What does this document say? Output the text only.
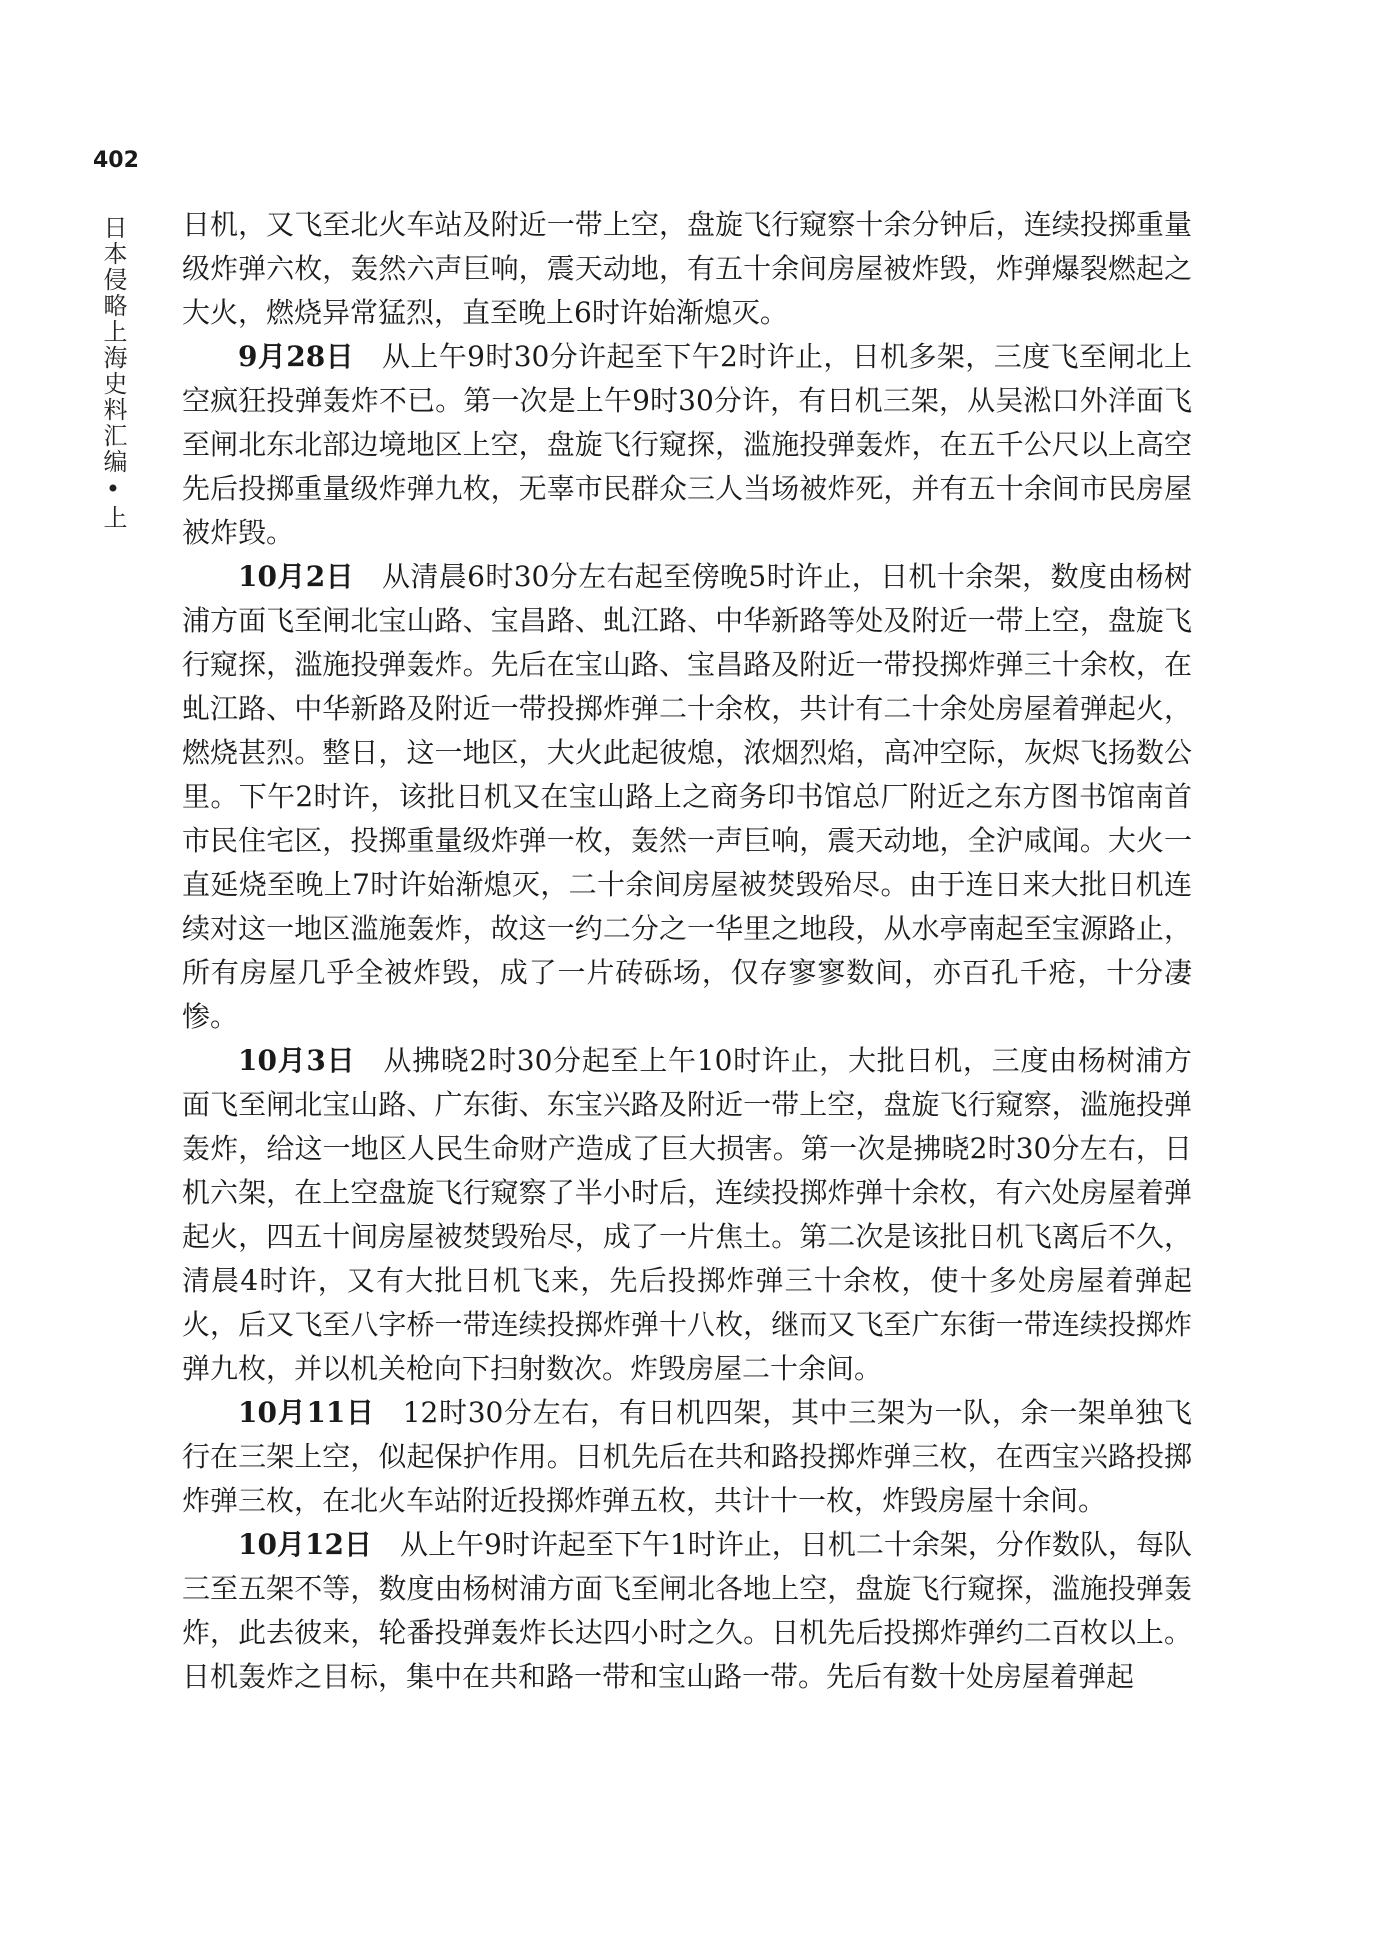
402
日本侵略上海史料汇编•上 日机，又飞至北火车站及附近一带上空，盘旋飞行窥察十余分钟后，连续投掷重量级炸弹六枚，轰然六声巨响，震天动地，有五十余间房屋被炸毁，炸弹爆裂燃起之大火，燃烧异常猛烈，直至晚上6时许始渐熄灭。

9月28日 从上午9时30分许起至下午2时许止，日机多架，三度飞至闸北上空疯狂投弹轰炸不已。第一次是上午9时30分许，有日机三架，从吴淞口外洋面飞至闸北东北部边境地区上空，盘旋飞行窥探，滥施投弹轰炸，在五千公尺以上高空先后投掷重量级炸弹九枚，无辜市民群众三人当场被炸死，并有五十余间市民房屋被炸毁。

10月2日 从清晨6时30分左右起至傍晚5时许止，日机十余架，数度由杨树浦方面飞至闸北宝山路、宝昌路、虬江路、中华新路等处及附近一带上空，盘旋飞行窥探，滥施投弹轰炸。先后在宝山路、宝昌路及附近一带投掷炸弹三十余枚，在虬江路、中华新路及附近一带投掷炸弹二十余枚，共计有二十余处房屋着弹起火，燃烧甚烈。整日，这一地区，大火此起彼熄，浓烟烈焰，高冲空际，灰烬飞扬数公里。下午2时许，该批日机又在宝山路上之商务印书馆总厂附近之东方图书馆南首市民住宅区，投掷重量级炸弹一枚，轰然一声巨响，震天动地，全沪咸闻。大火一直延烧至晚上7时许始渐熄灭，二十余间房屋被焚毁殆尽。由于连日来大批日机连续对这一地区滥施轰炸，故这一约二分之一华里之地段，从水亭南起至宝源路止，所有房屋几乎全被炸毁，成了一片砖砾场，仅存寥寥数间，亦百孔千疮，十分凄惨。

10月3日 从拂晓2时30分起至上午10时许止，大批日机，三度由杨树浦方面飞至闸北宝山路、广东街、东宝兴路及附近一带上空，盘旋飞行窥察，滥施投弹轰炸，给这一地区人民生命财产造成了巨大损害。第一次是拂晓2时30分左右，日机六架，在上空盘旋飞行窥察了半小时后，连续投掷炸弹十余枚，有六处房屋着弹起火，四五十间房屋被焚毁殆尽，成了一片焦土。第二次是该批日机飞离后不久，清晨4时许，又有大批日机飞来，先后投掷炸弹三十余枚，使十多处房屋着弹起火，后又飞至八字桥一带连续投掷炸弹十八枚，继而又飞至广东街一带连续投掷炸弹九枚，并以机关枪向下扫射数次。炸毁房屋二十余间。

10月11日 12时30分左右，有日机四架，其中三架为一队，余一架单独飞行在三架上空，似起保护作用。日机先后在共和路投掷炸弹三枚，在西宝兴路投掷炸弹三枚，在北火车站附近投掷炸弹五枚，共计十一枚，炸毁房屋十余间。

10月12日 从上午9时许起至下午1时许止，日机二十余架，分作数队，每队三至五架不等，数度由杨树浦方面飞至闸北各地上空，盘旋飞行窥探，滥施投弹轰炸，此去彼来，轮番投弹轰炸长达四小时之久。日机先后投掷炸弹约二百枚以上。日机轰炸之目标，集中在共和路一带和宝山路一带。先后有数十处房屋着弹起
